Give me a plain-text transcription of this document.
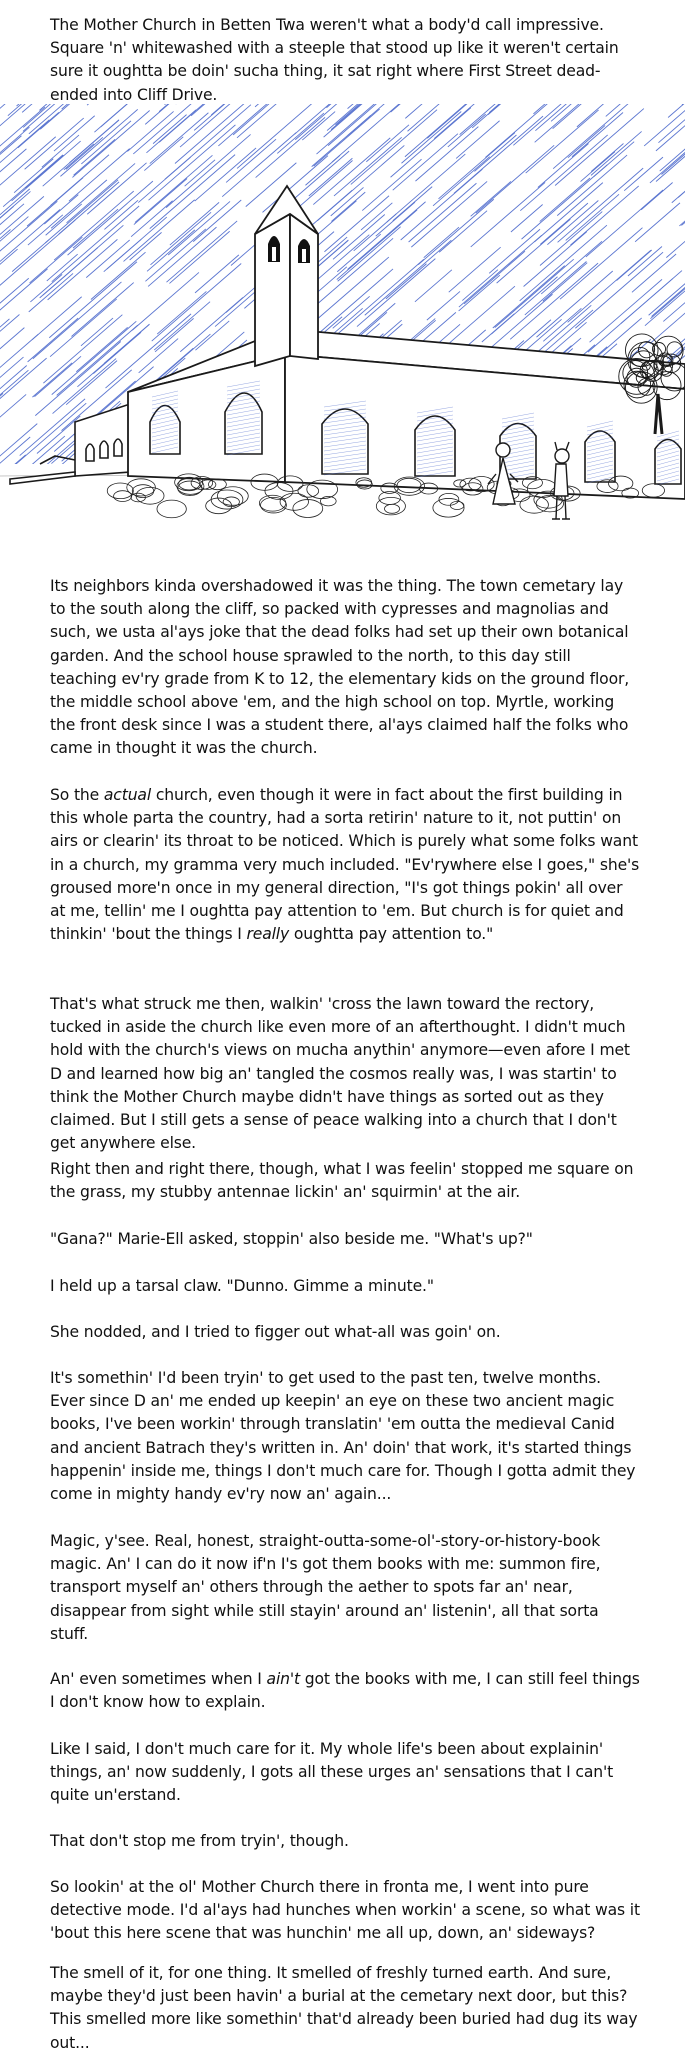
The Mother Church in Betten Twa weren't what a body'd call impressive. Square 'n' whitewashed with a steeple that stood up like it weren't certain sure it oughtta be doin' sucha thing, it sat right where First Street dead-ended into Cliff Drive.

Its neighbors kinda overshadowed it was the thing. The town cemetary lay to the south along the cliff, so packed with cypresses and magnolias and such, we usta al'ays joke that the dead folks had set up their own botanical garden. And the school house sprawled to the north, to this day still teaching ev'ry grade from K to 12, the elementary kids on the ground floor, the middle school above 'em, and the high school on top. Myrtle, working the front desk since I was a student there, al'ays claimed half the folks who came in thought it was the church.

So the actual church, even though it were in fact about the first building in this whole parta the country, had a sorta retirin' nature to it, not puttin' on airs or clearin' its throat to be noticed. Which is purely what some folks want in a church, my gramma very much included. "Ev'rywhere else I goes," she's groused more'n once in my general direction, "I's got things pokin' all over at me, tellin' me I oughtta pay attention to 'em. But church is for quiet and thinkin' 'bout the things I really oughtta pay attention to."

That's what struck me then, walkin' 'cross the lawn toward the rectory, tucked in aside the church like even more of an afterthought. I didn't much hold with the church's views on mucha anythin' anymore—even afore I met D and learned how big an' tangled the cosmos really was, I was startin' to think the Mother Church maybe didn't have things as sorted out as they claimed. But I still gets a sense of peace walking into a church that I don't get anywhere else.

Right then and right there, though, what I was feelin' stopped me square on the grass, my stubby antennae lickin' an' squirmin' at the air.

"Gana?" Marie-Ell asked, stoppin' also beside me. "What's up?"

I held up a tarsal claw. "Dunno. Gimme a minute."

She nodded, and I tried to figger out what-all was goin' on.

It's somethin' I'd been tryin' to get used to the past ten, twelve months. Ever since D an' me ended up keepin' an eye on these two ancient magic books, I've been workin' through translatin' 'em outta the medieval Canid and ancient Batrach they's written in. An' doin' that work, it's started things happenin' inside me, things I don't much care for. Though I gotta admit they come in mighty handy ev'ry now an' again...

Magic, y'see. Real, honest, straight-outta-some-ol'-story-or-history-book magic. An' I can do it now if'n I's got them books with me: summon fire, transport myself an' others through the aether to spots far an' near, disappear from sight while still stayin' around an' listenin', all that sorta stuff.

An' even sometimes when I ain't got the books with me, I can still feel things I don't know how to explain.

Like I said, I don't much care for it. My whole life's been about explainin' things, an' now suddenly, I gots all these urges an' sensations that I can't quite un'erstand.

That don't stop me from tryin', though.

So lookin' at the ol' Mother Church there in fronta me, I went into pure detective mode. I'd al'ays had hunches when workin' a scene, so what was it 'bout this here scene that was hunchin' me all up, down, an' sideways?

The smell of it, for one thing. It smelled of freshly turned earth. And sure, maybe they'd just been havin' a burial at the cemetary next door, but this? This smelled more like somethin' that'd already been buried had dug its way out...
